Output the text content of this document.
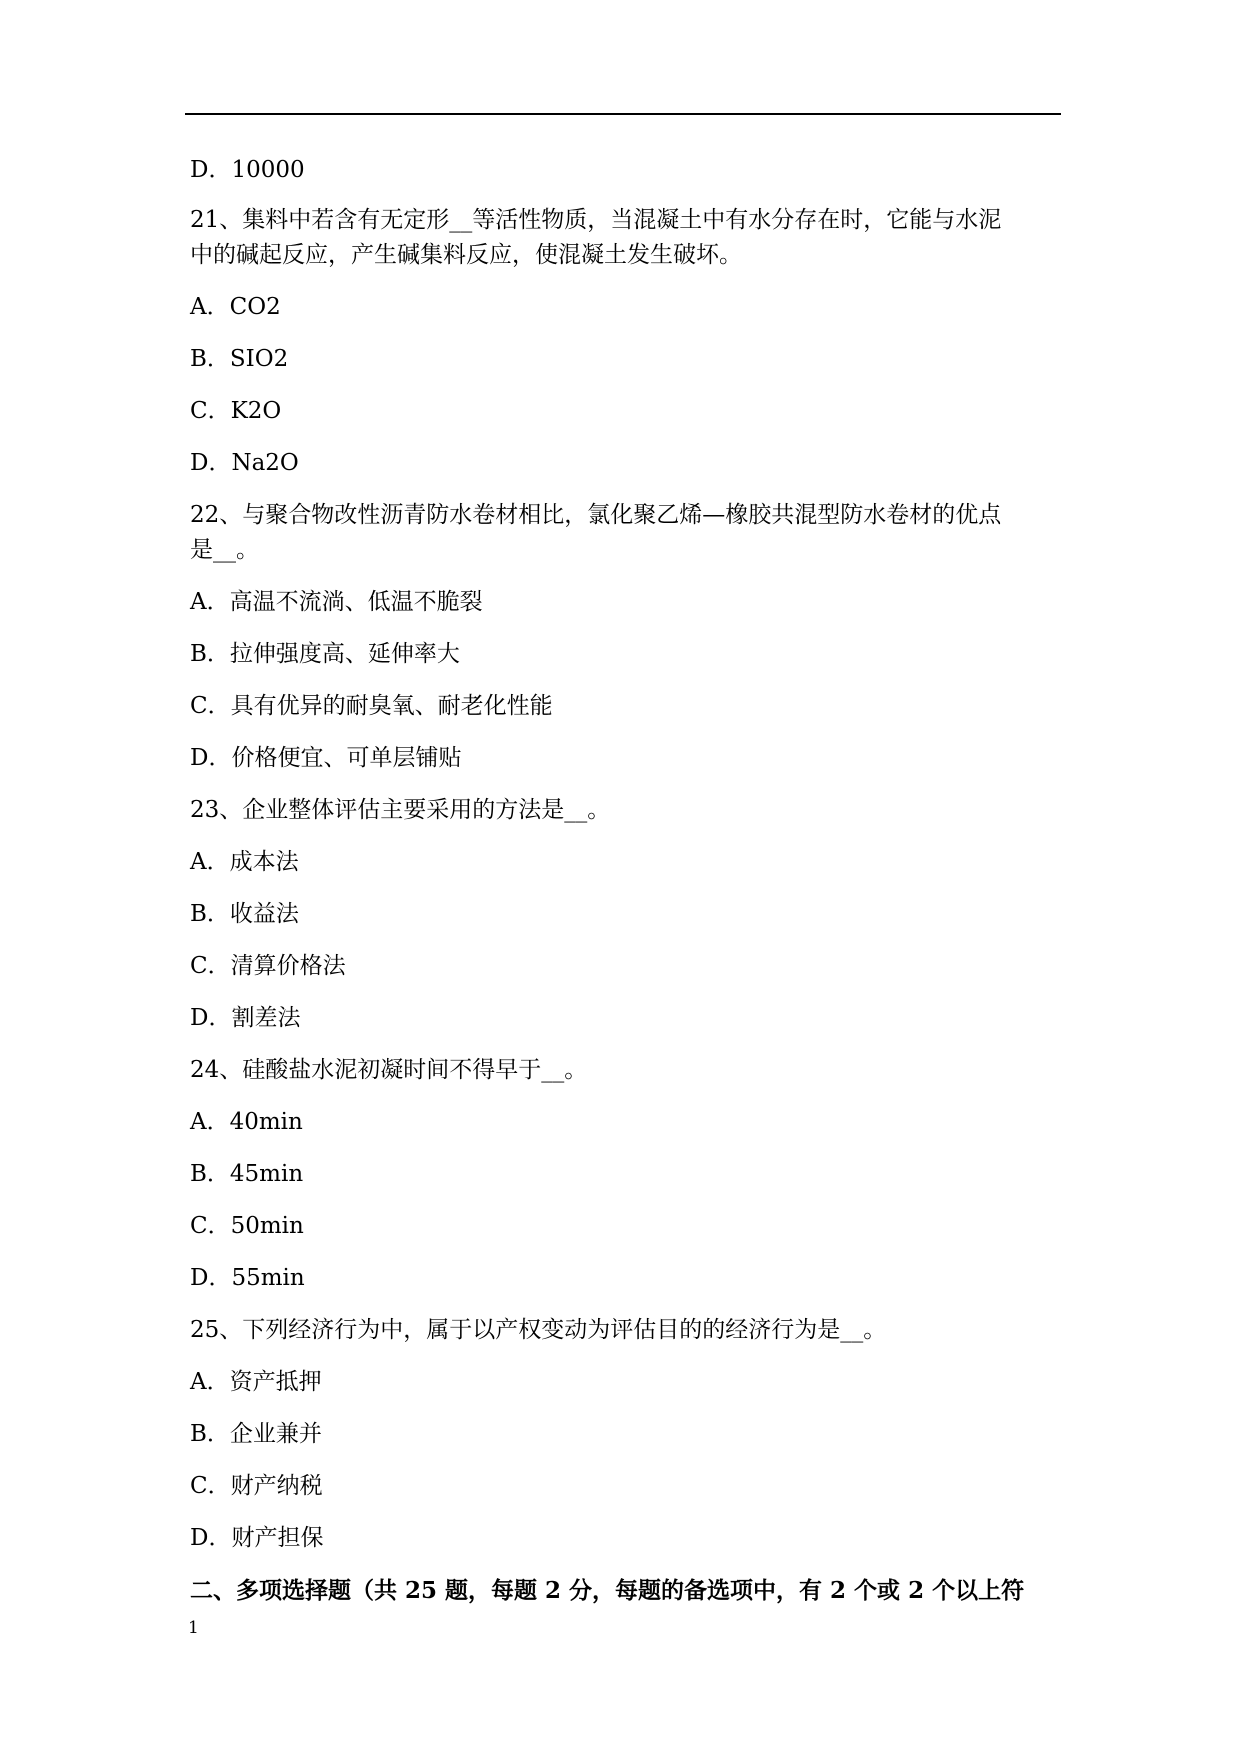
D．10000
21、集料中若含有无定形__等活性物质，当混凝土中有水分存在时，它能与水泥
中的碱起反应，产生碱集料反应，使混凝土发生破坏。
A．CO2
B．SIO2
C．K2O
D．Na2O
22、与聚合物改性沥青防水卷材相比，氯化聚乙烯—橡胶共混型防水卷材的优点
是__。
A．高温不流淌、低温不脆裂
B．拉伸强度高、延伸率大
C．具有优异的耐臭氧、耐老化性能
D．价格便宜、可单层铺贴
23、企业整体评估主要采用的方法是__。
A．成本法
B．收益法
C．清算价格法
D．割差法
24、硅酸盐水泥初凝时间不得早于__。
A．40min
B．45min
C．50min
D．55min
25、下列经济行为中，属于以产权变动为评估目的的经济行为是__。
A．资产抵押
B．企业兼并
C．财产纳税
D．财产担保
二、多项选择题（共 25 题，每题 2 分，每题的备选项中，有 2 个或 2 个以上符
1
